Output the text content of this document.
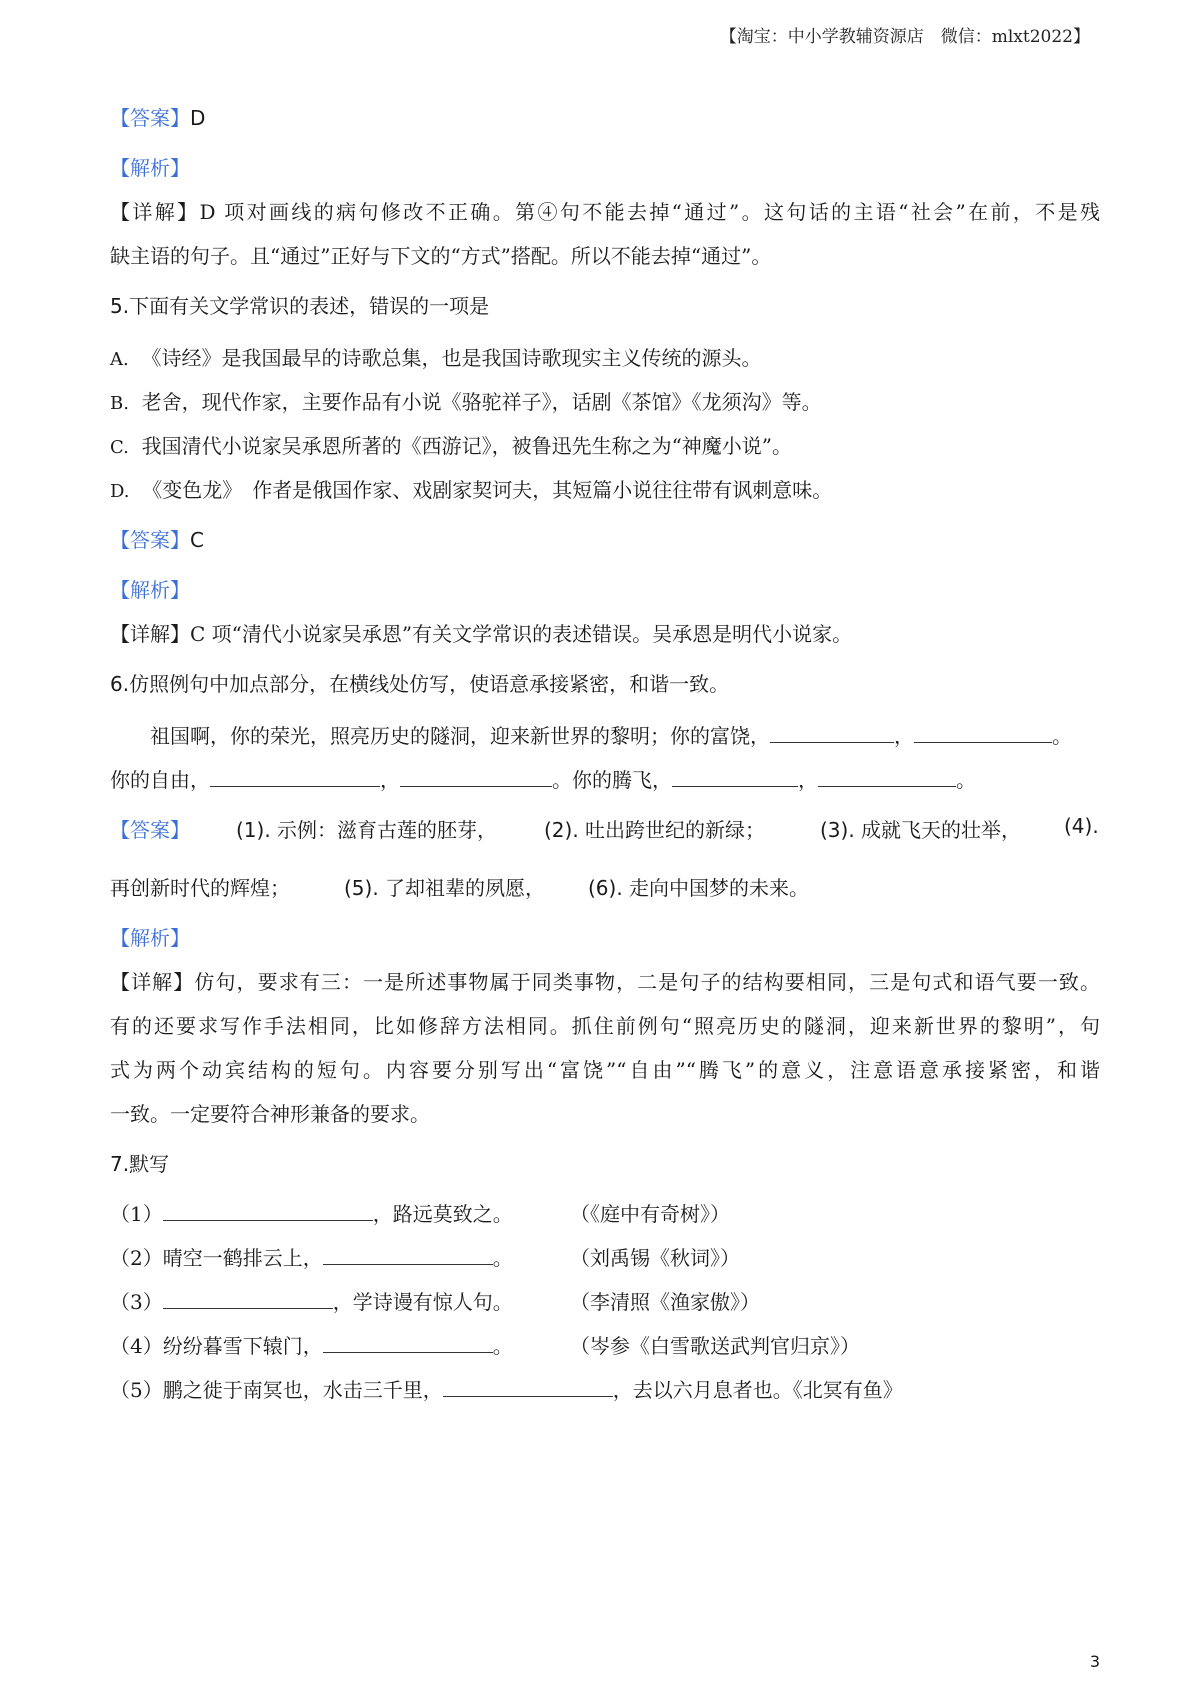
【淘宝：中小学教辅资源店　微信：mlxt2022】
【答案】D
【解析】
【详解】D 项对画线的病句修改不正确。第④句不能去掉“通过”。这句话的主语“社会”在前，不是残
缺主语的句子。且“通过”正好与下文的“方式”搭配。所以不能去掉“通过”。
5.下面有关文学常识的表述，错误的一项是
A. 《诗经》是我国最早的诗歌总集，也是我国诗歌现实主义传统的源头。
B. 老舍，现代作家，主要作品有小说《骆驼祥子》，话剧《茶馆》《龙须沟》等。
C. 我国清代小说家吴承恩所著的《西游记》，被鲁迅先生称之为“神魔小说”。
D. 《变色龙》　作者是俄国作家、戏剧家契诃夫，其短篇小说往往带有讽刺意味。
【答案】C
【解析】
【详解】C 项“清代小说家吴承恩”有关文学常识的表述错误。吴承恩是明代小说家。
6.仿照例句中加点部分，在横线处仿写，使语意承接紧密，和谐一致。
祖国啊，你的荣光，照亮历史的隧洞，迎来新世界的黎明；你的富饶，	，	。
你的自由，	，	。你的腾飞，	，	。
【答案】 (1). 示例：滋育古莲的胚芽， (2). 吐出跨世纪的新绿；	(3). 成就飞天的壮举， (4).
再创新时代的辉煌；	(5). 了却祖辈的夙愿， (6). 走向中国梦的未来。
【解析】
【详解】仿句，要求有三：一是所述事物属于同类事物，二是句子的结构要相同，三是句式和语气要一致。
有的还要求写作手法相同，比如修辞方法相同。抓住前例句“照亮历史的隧洞，迎来新世界的黎明”，句
式为两个动宾结构的短句。内容要分别写出“富饶”“自由”“腾飞”的意义，注意语意承接紧密，和谐
一致。一定要符合神形兼备的要求。
7.默写
（1）	，路远莫致之。	（《庭中有奇树》）
（2）晴空一鹤排云上，	。	（刘禹锡《秋词》）
（3）	，学诗谩有惊人句。	（李清照《渔家傲》）
（4）纷纷暮雪下辕门，	。	（岑参《白雪歌送武判官归京》）
（5）鹏之徙于南冥也，水击三千里，	，去以六月息者也。《北冥有鱼》
3
